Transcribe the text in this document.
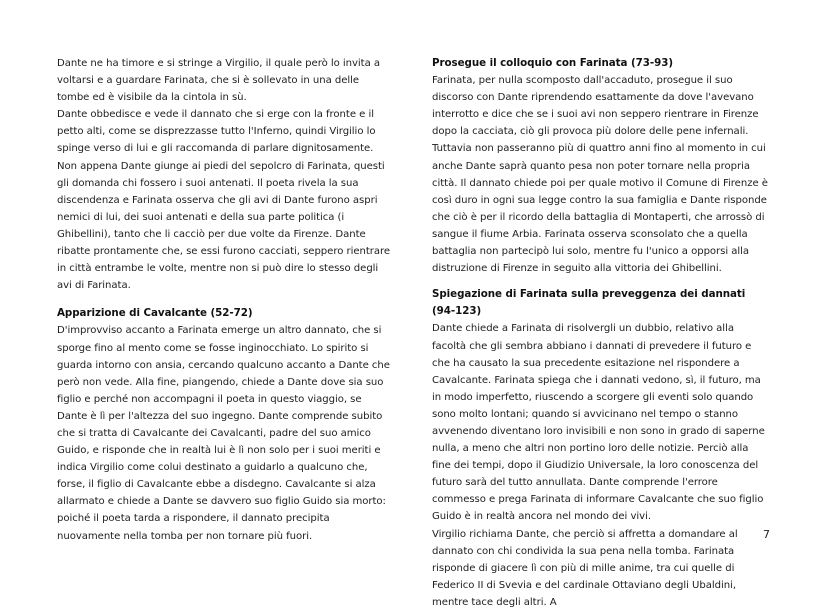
Dante ne ha timore e si stringe a Virgilio, il quale però lo invita a voltarsi e a guardare Farinata, che si è sollevato in una delle tombe ed è visibile da la cintola in sù.

Dante obbedisce e vede il dannato che si erge con la fronte e il petto alti, come se disprezzasse tutto l'Inferno, quindi Virgilio lo spinge verso di lui e gli raccomanda di parlare dignitosamente.

Non appena Dante giunge ai piedi del sepolcro di Farinata, questi gli domanda chi fossero i suoi antenati. Il poeta rivela la sua discendenza e Farinata osserva che gli avi di Dante furono aspri nemici di lui, dei suoi antenati e della sua parte politica (i Ghibellini), tanto che li cacciò per due volte da Firenze. Dante ribatte prontamente che, se essi furono cacciati, seppero rientrare in città entrambe le volte, mentre non si può dire lo stesso degli avi di Farinata.

Apparizione di Cavalcante (52-72)

D'improvviso accanto a Farinata emerge un altro dannato, che si sporge fino al mento come se fosse inginocchiato. Lo spirito si guarda intorno con ansia, cercando qualcuno accanto a Dante che però non vede. Alla fine, piangendo, chiede a Dante dove sia suo figlio e perché non accompagni il poeta in questo viaggio, se Dante è lì per l'altezza del suo ingegno. Dante comprende subito che si tratta di Cavalcante dei Cavalcanti, padre del suo amico Guido, e risponde che in realtà lui è lì non solo per i suoi meriti e indica Virgilio come colui destinato a guidarlo a qualcuno che, forse, il figlio di Cavalcante ebbe a disdegno. Cavalcante si alza allarmato e chiede a Dante se davvero suo figlio Guido sia morto: poiché il poeta tarda a rispondere, il dannato precipita nuovamente nella tomba per non tornare più fuori.

Prosegue il colloquio con Farinata (73-93)

Farinata, per nulla scomposto dall'accaduto, prosegue il suo discorso con Dante riprendendo esattamente da dove l'avevano interrotto e dice che se i suoi avi non seppero rientrare in Firenze dopo la cacciata, ciò gli provoca più dolore delle pene infernali. Tuttavia non passeranno più di quattro anni fino al momento in cui anche Dante saprà quanto pesa non poter tornare nella propria città. Il dannato chiede poi per quale motivo il Comune di Firenze è così duro in ogni sua legge contro la sua famiglia e Dante risponde che ciò è per il ricordo della battaglia di Montaperti, che arrossò di sangue il fiume Arbia. Farinata osserva sconsolato che a quella battaglia non partecipò lui solo, mentre fu l'unico a opporsi alla distruzione di Firenze in seguito alla vittoria dei Ghibellini.

Spiegazione di Farinata sulla preveggenza dei dannati (94-123)

Dante chiede a Farinata di risolvergli un dubbio, relativo alla facoltà che gli sembra abbiano i dannati di prevedere il futuro e che ha causato la sua precedente esitazione nel rispondere a Cavalcante. Farinata spiega che i dannati vedono, sì, il futuro, ma in modo imperfetto, riuscendo a scorgere gli eventi solo quando sono molto lontani; quando si avvicinano nel tempo o stanno avvenendo diventano loro invisibili e non sono in grado di saperne nulla, a meno che altri non portino loro delle notizie. Perciò alla fine dei tempi, dopo il Giudizio Universale, la loro conoscenza del futuro sarà del tutto annullata. Dante comprende l'errore commesso e prega Farinata di informare Cavalcante che suo figlio Guido è in realtà ancora nel mondo dei vivi.

Virgilio richiama Dante, che perciò si affretta a domandare al dannato con chi condivida la sua pena nella tomba. Farinata risponde di giacere lì con più di mille anime, tra cui quelle di Federico II di Svevia e del cardinale Ottaviano degli Ubaldini, mentre tace degli altri. A

7
